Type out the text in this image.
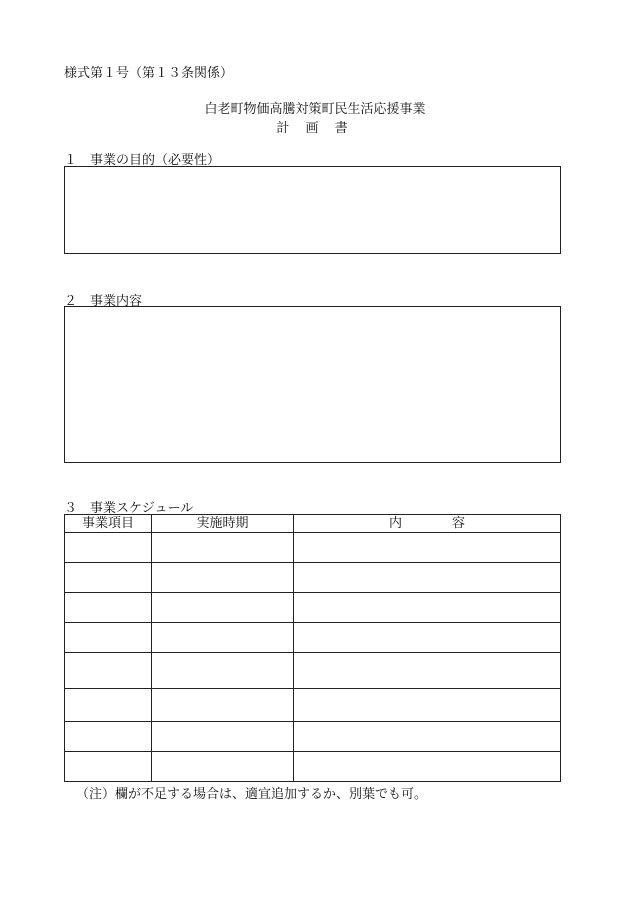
様式第１号（第１３条関係）
白老町物価高騰対策町民生活応援事業
計 画 書
１　事業の目的（必要性）
２　事業内容
３　事業スケジュール
事業項目	実施時期	内 容

（注）欄が不足する場合は、適宜追加するか、別葉でも可。
